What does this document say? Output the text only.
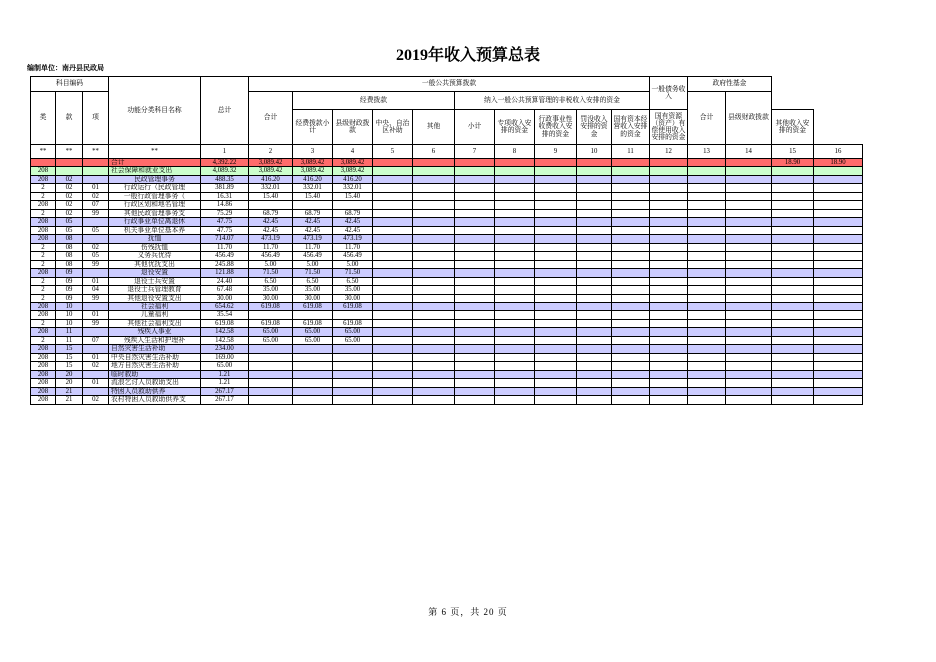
2019年收入预算总表
编制单位：南丹县民政局
科目编码			功能分类科目名称	总计	一般公共预算拨款										一般债务收入	政府性基金			
类	款	项			合计	经费拨款				纳入一般公共预算管理的非税收入安排的资金						合计	县级财政拨款		
						经费拨款小计	县级财政拨款	中央、自治区补助	其他	小计	专项收入安排的资金	行政事业性收费收入安排的资金	罚没收入安排的资金	国有资本经营收入安排的资金	国有资源（资产）有偿使用收入安排的资金			其他收入安排的资金	
**	**	**	**	1	2	3	4	5	6	7	8	9	10	11	12	13	14	15	16
			合计	4,392.22	3,089.42	3,089.42	3,089.42											18.90	18.90
208			社会保障和就业支出	4,089.32	3,089.42	3,089.42	3,089.42												
208	02		民政管理事务	488.35	416.20	416.20	416.20												
2	02	01	行政运行（民政管理	381.89	332.01	332.01	332.01												
2	02	02	一般行政管理事务（	16.31	15.40	15.40	15.40												
208	02	07	行政区划和地名管理	14.86															
2	02	99	其他民政管理事务支	75.29	68.79	68.79	68.79												
208	05		行政事业单位离退休	47.75	42.45	42.45	42.45												
208	05	05	机关事业单位基本养	47.75	42.45	42.45	42.45												
208	08		抚恤	714.07	473.19	473.19	473.19												
2	08	02	伤残抚恤	11.70	11.70	11.70	11.70												
2	08	05	义务兵优待	456.49	456.49	456.49	456.49												
2	08	99	其他优抚支出	245.88	5.00	5.00	5.00												
208	09		退役安置	121.88	71.50	71.50	71.50												
2	09	01	退役士兵安置	24.40	6.50	6.50	6.50												
2	09	04	退役士兵管理教育	67.48	35.00	35.00	35.00												
2	09	99	其他退役安置支出	30.00	30.00	30.00	30.00												
208	10		社会福利	654.62	619.08	619.08	619.08												
208	10	01	儿童福利	35.54															
2	10	99	其他社会福利支出	619.08	619.08	619.08	619.08												
208	11		残疾人事业	142.58	65.00	65.00	65.00												
2	11	07	残疾人生活和护理补	142.58	65.00	65.00	65.00												
208	15		自然灾害生活补助	234.00															
208	15	01	中央自然灾害生活补助	169.00															
208	15	02	地方自然灾害生活补助	65.00															
208	20		临时救助	1.21															
208	20	01	流浪乞讨人员救助支出	1.21															
208	21		特困人员救助供养	267.17															
208	21	02	农村特困人员救助供养支	267.17															
第 6 页，共 20 页
